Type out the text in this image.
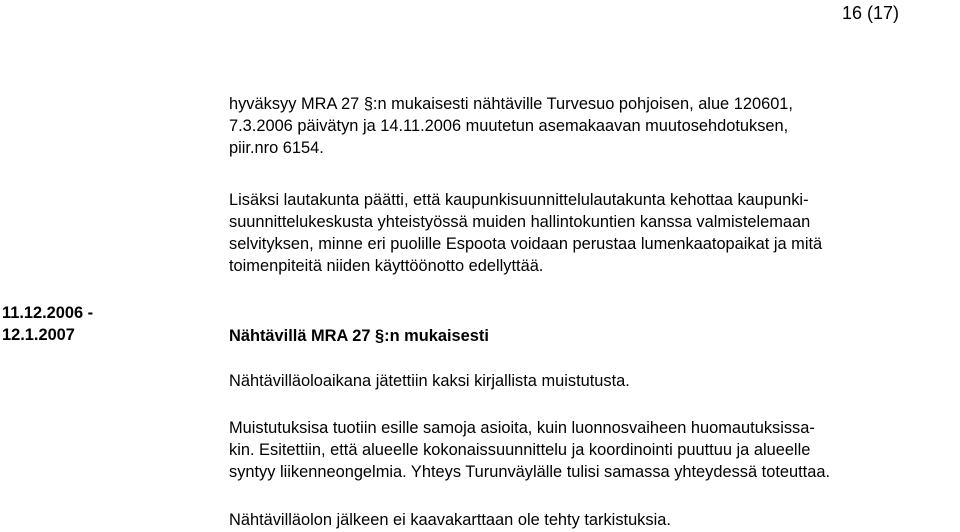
16 (17)

hyväksyy MRA 27 §:n mukaisesti nähtäville Turvesuo pohjoisen, alue 120601,
7.3.2006 päivätyn ja 14.11.2006 muutetun asemakaavan muutosehdotuksen,
piir.nro 6154.

Lisäksi lautakunta päätti, että kaupunkisuunnittelulautakunta kehottaa kaupunki-
suunnittelukeskusta yhteistyössä muiden hallintokuntien kanssa valmistelemaan
selvityksen, minne eri puolille Espoota voidaan perustaa lumenkaatopaikat ja mitä
toimenpiteitä niiden käyttöönotto edellyttää.

11.12.2006 -
12.1.2007	Nähtävillä MRA 27 §:n mukaisesti

Nähtävilläoloaikana jätettiin kaksi kirjallista muistutusta.

Muistutuksisa tuotiin esille samoja asioita, kuin luonnosvaiheen huomautuksissa-
kin. Esitettiin, että alueelle kokonaissuunnittelu ja koordinointi puuttuu ja alueelle
syntyy liikenneongelmia. Yhteys Turunväylälle tulisi samassa yhteydessä toteuttaa.

Nähtävilläolon jälkeen ei kaavakarttaan ole tehty tarkistuksia.
